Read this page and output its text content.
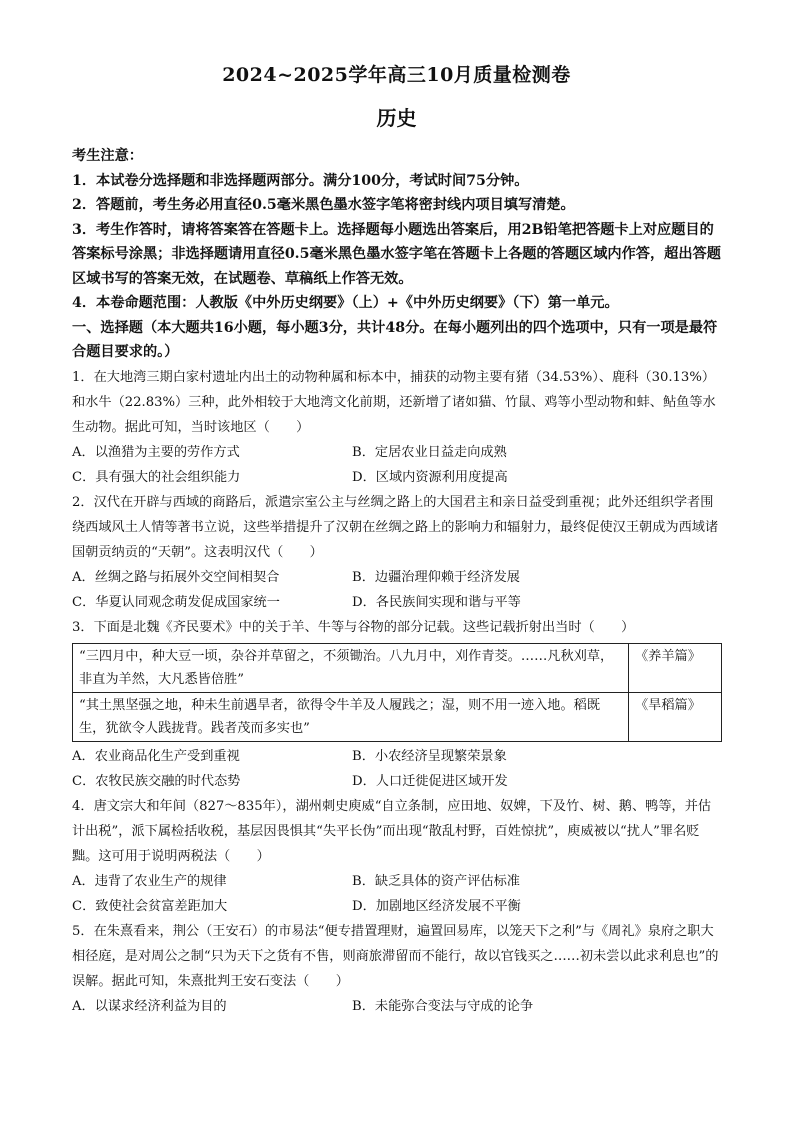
2024~2025学年高三10月质量检测卷
历史

考生注意：

1．本试卷分选择题和非选择题两部分。满分100分，考试时间75分钟。

2．答题前，考生务必用直径0.5毫米黑色墨水签字笔将密封线内项目填写清楚。

3．考生作答时，请将答案答在答题卡上。选择题每小题选出答案后，用2B铅笔把答题卡上对应题目的答案标号涂黑；非选择题请用直径0.5毫米黑色墨水签字笔在答题卡上各题的答题区域内作答，超出答题区域书写的答案无效，在试题卷、草稿纸上作答无效。

4．本卷命题范围：人教版《中外历史纲要》（上）+《中外历史纲要》（下）第一单元。

一、选择题（本大题共16小题，每小题3分，共计48分。在每小题列出的四个选项中，只有一项是最符合题目要求的。）

1．在大地湾三期白家村遗址内出土的动物种属和标本中，捕获的动物主要有猪（34.53%）、鹿科（30.13%）和水牛（22.83%）三种，此外相较于大地湾文化前期，还新增了诸如猫、竹鼠、鸡等小型动物和蚌、鲇鱼等水生动物。据此可知，当时该地区（　　）

A．以渔猎为主要的劳作方式	B．定居农业日益走向成熟
C．具有强大的社会组织能力	D．区域内资源利用度提高

2．汉代在开辟与西域的商路后，派遣宗室公主与丝绸之路上的大国君主和亲日益受到重视；此外还组织学者围绕西域风土人情等著书立说，这些举措提升了汉朝在丝绸之路上的影响力和辐射力，最终促使汉王朝成为西域诸国朝贡纳贡的“天朝”。这表明汉代（　　）

A．丝绸之路与拓展外交空间相契合	B．边疆治理仰赖于经济发展
C．华夏认同观念萌发促成国家统一	D．各民族间实现和谐与平等

3．下面是北魏《齐民要术》中的关于羊、牛等与谷物的部分记载。这些记载折射出当时（　　）

“三四月中，种大豆一顷，杂谷并草留之，不须锄治。八九月中，刈作青茭。……凡秋刈草，非直为羊然，大凡悉皆倍胜”	《养羊篇》
“其土黑坚强之地，种未生前遇旱者，欲得令牛羊及人履践之；湿，则不用一迹入地。稻既生，犹欲令人践拢背。践者茂而多实也”	《旱稻篇》
A．农业商品化生产受到重视	B．小农经济呈现繁荣景象
C．农牧民族交融的时代态势	D．人口迁徙促进区域开发

4．唐文宗大和年间（827～835年），湖州刺史庾威“自立条制，应田地、奴婢，下及竹、树、鹅、鸭等，并估计出税”，派下属检括收税，基层因畏惧其“失平长伪”而出现“散乱村野，百姓惊扰”，庾威被以“扰人”罪名贬黜。这可用于说明两税法（　　）

A．违背了农业生产的规律	B．缺乏具体的资产评估标准
C．致使社会贫富差距加大	D．加剧地区经济发展不平衡

5．在朱熹看来，荆公（王安石）的市易法“便专措置理财，遍置回易库，以笼天下之利”与《周礼》泉府之职大相径庭，是对周公之制“只为天下之货有不售，则商旅滞留而不能行，故以官钱买之……初未尝以此求利息也”的误解。据此可知，朱熹批判王安石变法（　　）

A．以谋求经济利益为目的	B．未能弥合变法与守成的论争
